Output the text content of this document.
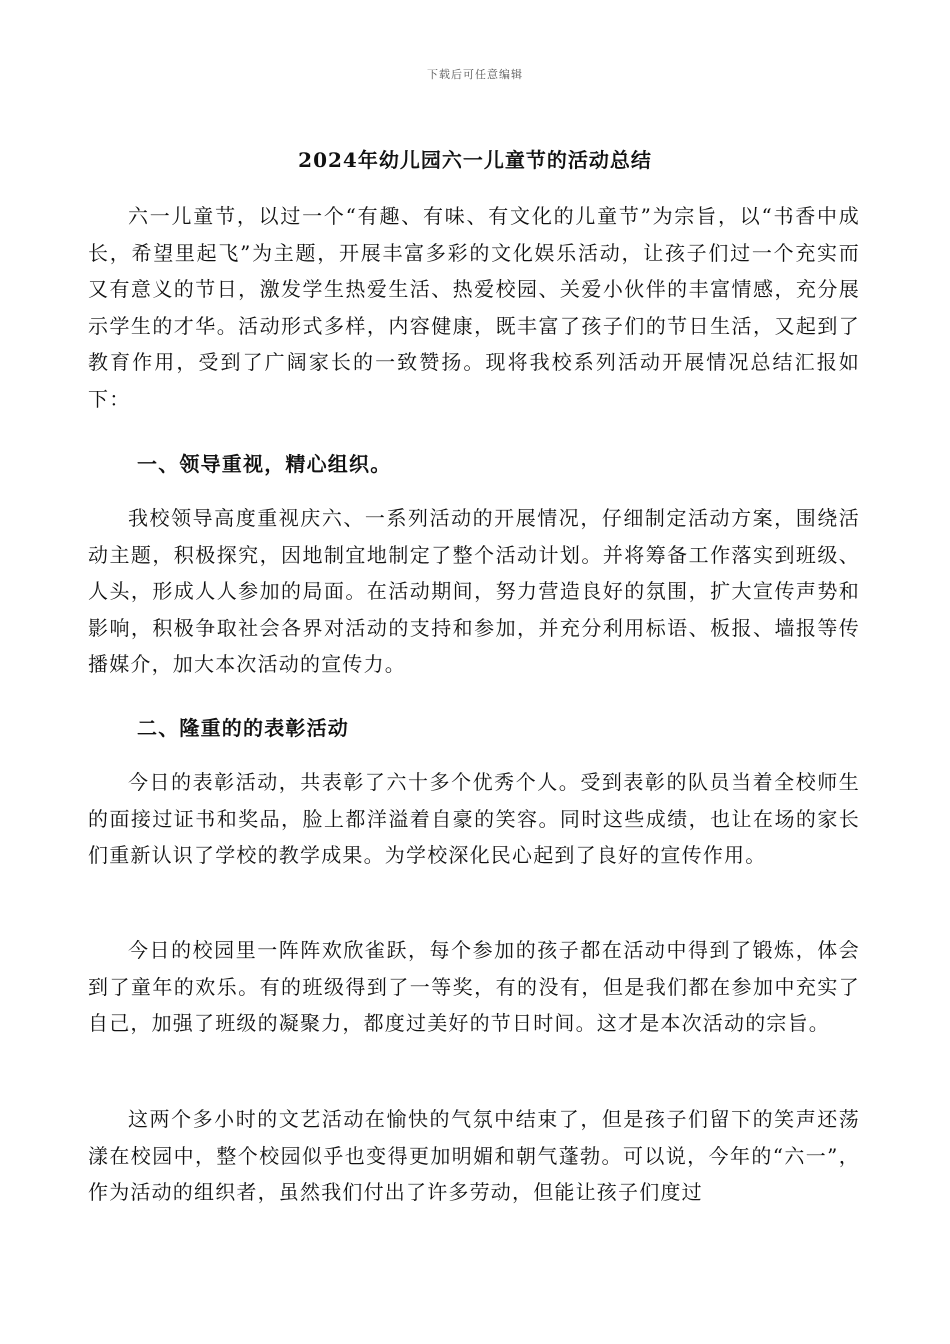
下载后可任意编辑
2024年幼儿园六一儿童节的活动总结

六一儿童节，以过一个“有趣、有味、有文化的儿童节”为宗旨，以“书香中成长，希望里起飞”为主题，开展丰富多彩的文化娱乐活动，让孩子们过一个充实而又有意义的节日，激发学生热爱生活、热爱校园、关爱小伙伴的丰富情感，充分展示学生的才华。活动形式多样，内容健康，既丰富了孩子们的节日生活，又起到了教育作用，受到了广阔家长的一致赞扬。现将我校系列活动开展情况总结汇报如下：

一、领导重视，精心组织。

我校领导高度重视庆六、一系列活动的开展情况，仔细制定活动方案，围绕活动主题，积极探究，因地制宜地制定了整个活动计划。并将筹备工作落实到班级、人头，形成人人参加的局面。在活动期间，努力营造良好的氛围，扩大宣传声势和影响，积极争取社会各界对活动的支持和参加，并充分利用标语、板报、墙报等传播媒介，加大本次活动的宣传力。

二、隆重的的表彰活动

今日的表彰活动，共表彰了六十多个优秀个人。受到表彰的队员当着全校师生的面接过证书和奖品，脸上都洋溢着自豪的笑容。同时这些成绩，也让在场的家长们重新认识了学校的教学成果。为学校深化民心起到了良好的宣传作用。

今日的校园里一阵阵欢欣雀跃，每个参加的孩子都在活动中得到了锻炼，体会到了童年的欢乐。有的班级得到了一等奖，有的没有，但是我们都在参加中充实了自己，加强了班级的凝聚力，都度过美好的节日时间。这才是本次活动的宗旨。

这两个多小时的文艺活动在愉快的气氛中结束了，但是孩子们留下的笑声还荡漾在校园中，整个校园似乎也变得更加明媚和朝气蓬勃。可以说，今年的“六一”，作为活动的组织者，虽然我们付出了许多劳动，但能让孩子们度过
